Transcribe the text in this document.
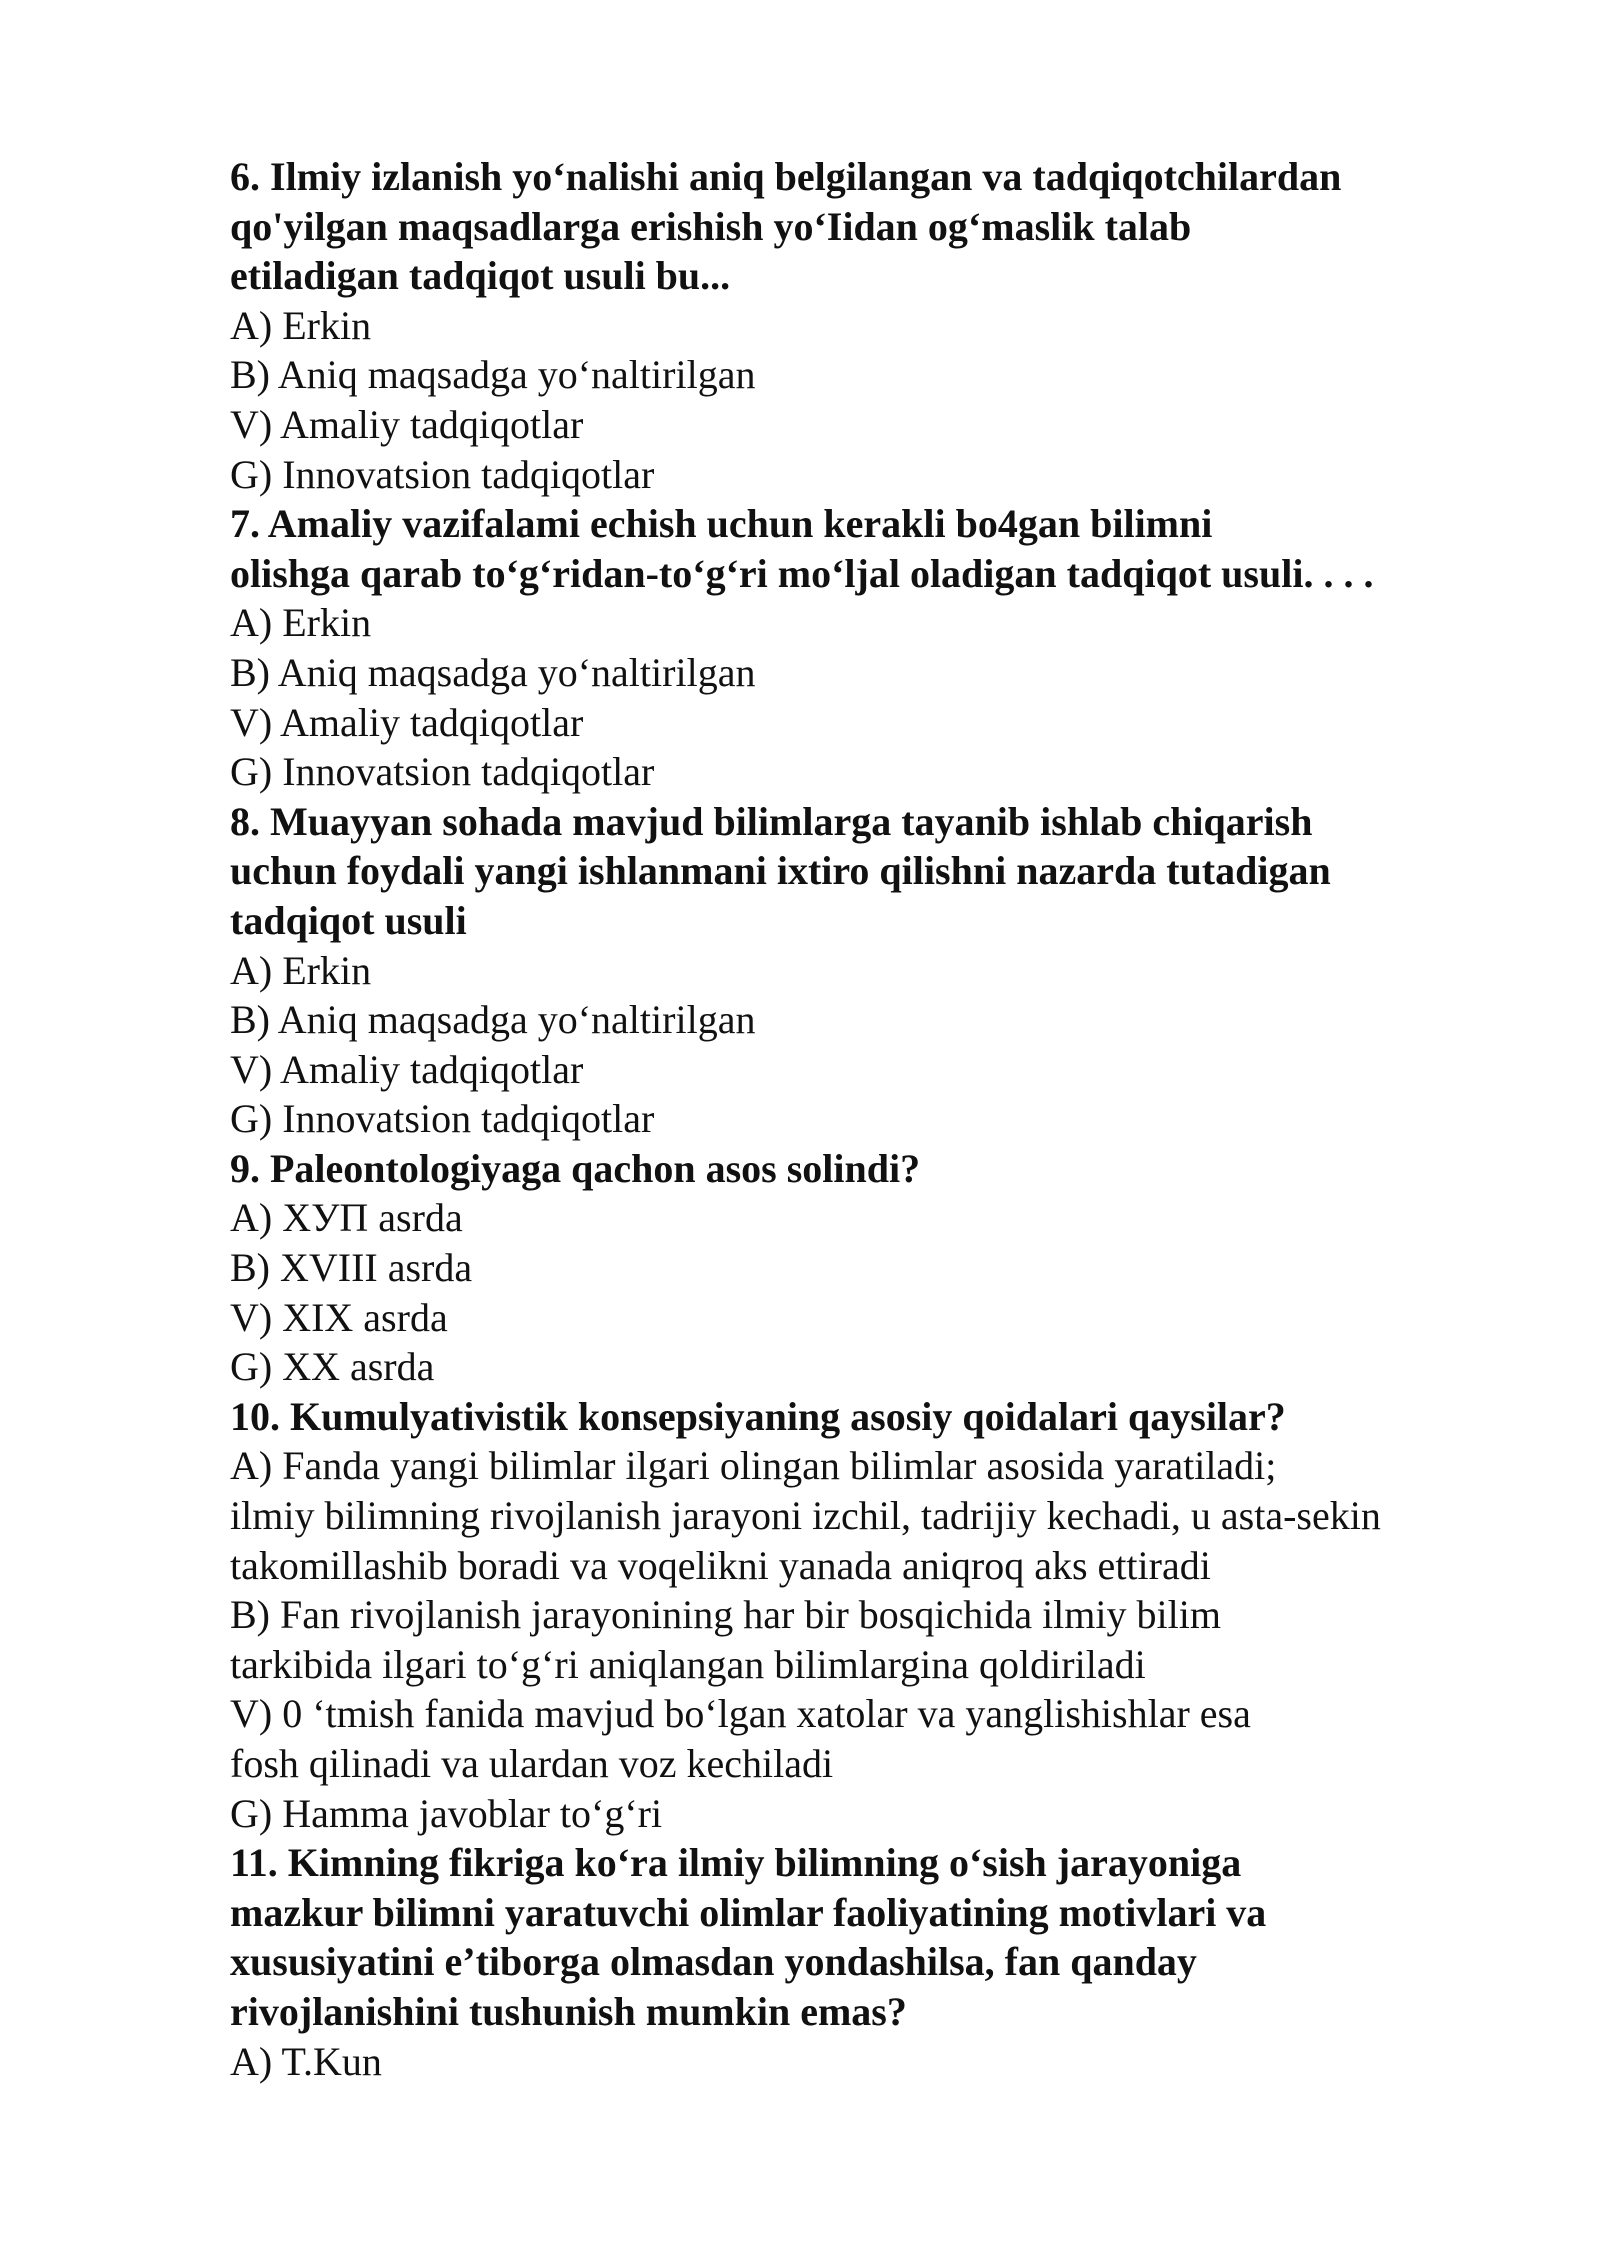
6. Ilmiy izlanish yo‘nalishi aniq belgilangan va tadqiqotchilardan
qo'yilgan maqsadlarga erishish yo‘Iidan og‘maslik talab
etiladigan tadqiqot usuli bu...
A) Erkin
B) Aniq maqsadga yo‘naltirilgan
V) Amaliy tadqiqotlar
G) Innovatsion tadqiqotlar
7. Amaliy vazifalami echish uchun kerakli bo4gan bilimni
olishga qarab to‘g‘ridan-to‘g‘ri mo‘ljal oladigan tadqiqot usuli. . . .
A) Erkin
B) Aniq maqsadga yo‘naltirilgan
V) Amaliy tadqiqotlar
G) Innovatsion tadqiqotlar
8. Muayyan sohada mavjud bilimlarga tayanib ishlab chiqarish
uchun foydali yangi ishlanmani ixtiro qilishni nazarda tutadigan
tadqiqot usuli
A) Erkin
B) Aniq maqsadga yo‘naltirilgan
V) Amaliy tadqiqotlar
G) Innovatsion tadqiqotlar
9. Paleontologiyaga qachon asos solindi?
A) ХУП asrda
B) XVIII asrda
V) XIX asrda
G) XX asrda
10. Kumulyativistik konsepsiyaning asosiy qoidalari qaysilar?
A) Fanda yangi bilimlar ilgari olingan bilimlar asosida yaratiladi;
ilmiy bilimning rivojlanish jarayoni izchil, tadrijiy kechadi, u asta-sekin
takomillashib boradi va voqelikni yanada aniqroq aks ettiradi
B) Fan rivojlanish jarayonining har bir bosqichida ilmiy bilim
tarkibida ilgari to‘g‘ri aniqlangan bilimlargina qoldiriladi
V) 0 ‘tmish fanida mavjud bo‘lgan xatolar va yanglishishlar esa
fosh qilinadi va ulardan voz kechiladi
G) Hamma javoblar to‘g‘ri
11. Kimning fikriga ko‘ra ilmiy bilimning o‘sish jarayoniga
mazkur bilimni yaratuvchi olimlar faoliyatining motivlari va
xususiyatini e’tiborga olmasdan yondashilsa, fan qanday
rivojlanishini tushunish mumkin emas?
A) T.Kun
